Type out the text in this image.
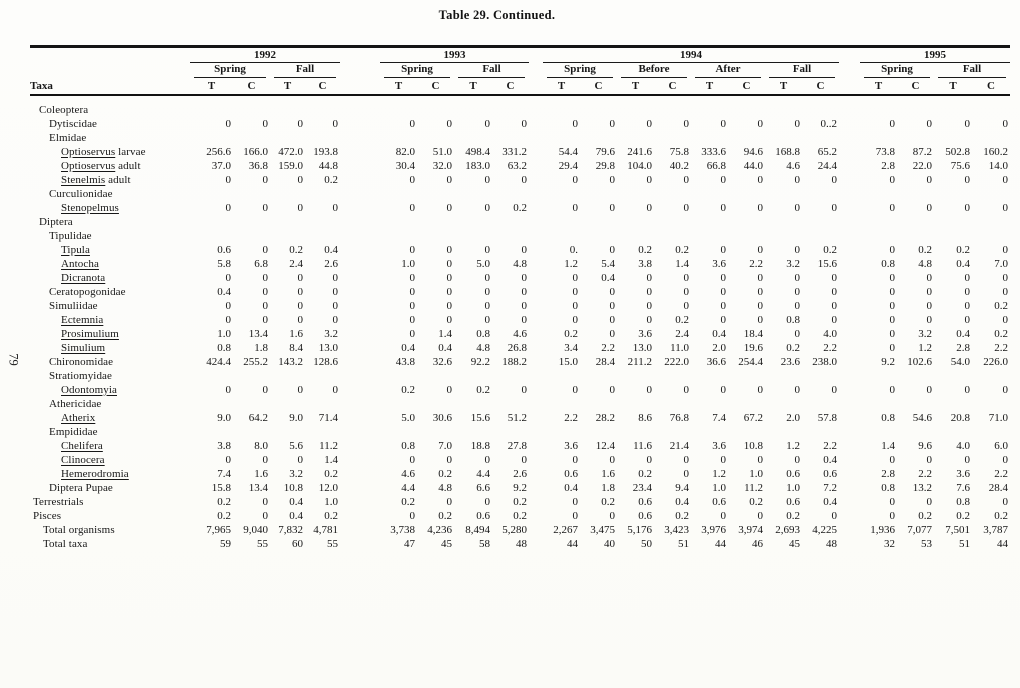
Table 29. Continued.
79
	1992					1993					1994									1995			

	Spring		Fall			Spring		Fall			Spring		Before		After		Fall			Spring		Fall	

Taxa	T	C	T	C		T	C	T	C		T	C	T	C	T	C	T	C		T	C	T	C
Coleoptera																							
Dytiscidae	0	0	0	0		0	0	0	0		0	0	0	0	0	0	0	0..2		0	0	0	0
Elmidae																							
Optioservus larvae	256.6	166.0	472.0	193.8		82.0	51.0	498.4	331.2		54.4	79.6	241.6	75.8	333.6	94.6	168.8	65.2		73.8	87.2	502.8	160.2
Optioservus adult	37.0	36.8	159.0	44.8		30.4	32.0	183.0	63.2		29.4	29.8	104.0	40.2	66.8	44.0	4.6	24.4		2.8	22.0	75.6	14.0
Stenelmis adult	0	0	0	0.2		0	0	0	0		0	0	0	0	0	0	0	0		0	0	0	0
Curculionidae																							
Stenopelmus	0	0	0	0		0	0	0	0.2		0	0	0	0	0	0	0	0		0	0	0	0
Diptera																							
Tipulidae																							
Tipula	0.6	0	0.2	0.4		0	0	0	0		0.	0	0.2	0.2	0	0	0	0.2		0	0.2	0.2	0
Antocha	5.8	6.8	2.4	2.6		1.0	0	5.0	4.8		1.2	5.4	3.8	1.4	3.6	2.2	3.2	15.6		0.8	4.8	0.4	7.0
Dicranota	0	0	0	0		0	0	0	0		0	0.4	0	0	0	0	0	0		0	0	0	0
Ceratopogonidae	0.4	0	0	0		0	0	0	0		0	0	0	0	0	0	0	0		0	0	0	0
Simuliidae	0	0	0	0		0	0	0	0		0	0	0	0	0	0	0	0		0	0	0	0.2
Ectemnia	0	0	0	0		0	0	0	0		0	0	0	0.2	0	0	0.8	0		0	0	0	0
Prosimulium	1.0	13.4	1.6	3.2		0	1.4	0.8	4.6		0.2	0	3.6	2.4	0.4	18.4	0	4.0		0	3.2	0.4	0.2
Simulium	0.8	1.8	8.4	13.0		0.4	0.4	4.8	26.8		3.4	2.2	13.0	11.0	2.0	19.6	0.2	2.2		0	1.2	2.8	2.2
Chironomidae	424.4	255.2	143.2	128.6		43.8	32.6	92.2	188.2		15.0	28.4	211.2	222.0	36.6	254.4	23.6	238.0		9.2	102.6	54.0	226.0
Stratiomyidae																							
Odontomyia	0	0	0	0		0.2	0	0.2	0		0	0	0	0	0	0	0	0		0	0	0	0
Athericidae																							
Atherix	9.0	64.2	9.0	71.4		5.0	30.6	15.6	51.2		2.2	28.2	8.6	76.8	7.4	67.2	2.0	57.8		0.8	54.6	20.8	71.0
Empididae																							
Chelifera	3.8	8.0	5.6	11.2		0.8	7.0	18.8	27.8		3.6	12.4	11.6	21.4	3.6	10.8	1.2	2.2		1.4	9.6	4.0	6.0
Clinocera	0	0	0	1.4		0	0	0	0		0	0	0	0	0	0	0	0.4		0	0	0	0
Hemerodromia	7.4	1.6	3.2	0.2		4.6	0.2	4.4	2.6		0.6	1.6	0.2	0	1.2	1.0	0.6	0.6		2.8	2.2	3.6	2.2
Diptera Pupae	15.8	13.4	10.8	12.0		4.4	4.8	6.6	9.2		0.4	1.8	23.4	9.4	1.0	11.2	1.0	7.2		0.8	13.2	7.6	28.4
Terrestrials	0.2	0	0.4	1.0		0.2	0	0	0.2		0	0.2	0.6	0.4	0.6	0.2	0.6	0.4		0	0	0.8	0
Pisces	0.2	0	0.4	0.2		0	0.2	0.6	0.2		0	0	0.6	0.2	0	0	0.2	0		0	0.2	0.2	0.2
Total organisms	7,965	9,040	7,832	4,781		3,738	4,236	8,494	5,280		2,267	3,475	5,176	3,423	3,976	3,974	2,693	4,225		1,936	7,077	7,501	3,787
Total taxa	59	55	60	55		47	45	58	48		44	40	50	51	44	46	45	48		32	53	51	44
